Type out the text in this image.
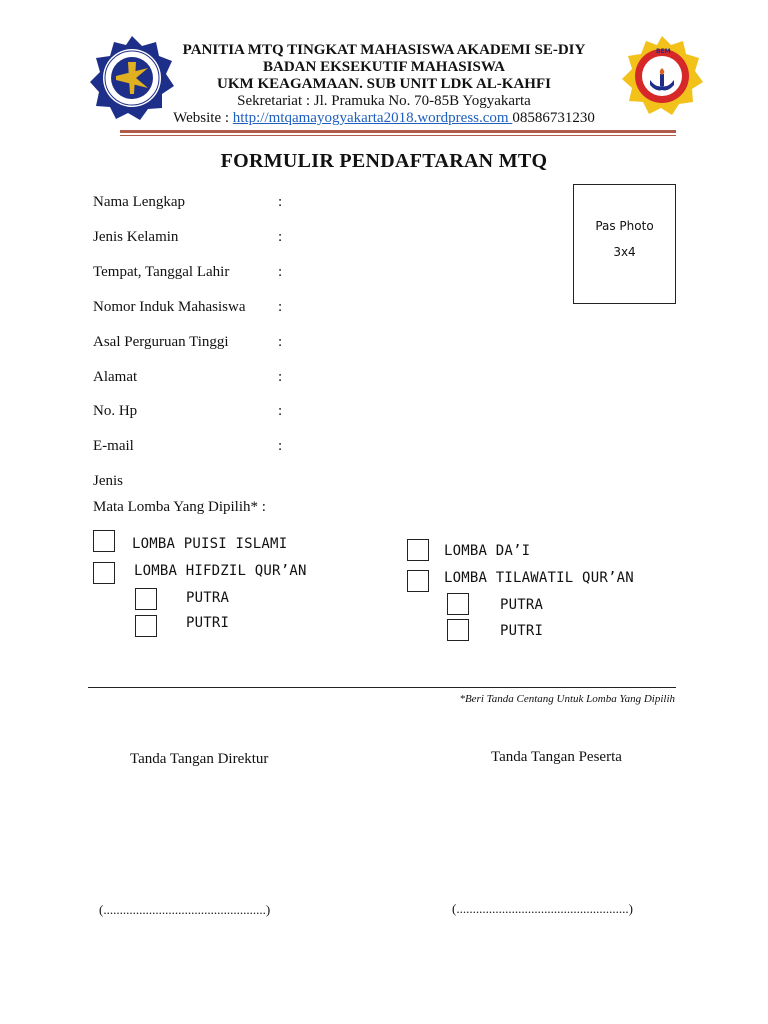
BEM
PANITIA MTQ TINGKAT MAHASISWA AKADEMI SE-DIY
BADAN EKSEKUTIF MAHASISWA
UKM KEAGAMAAN. SUB UNIT LDK AL-KAHFI
Sekretariat : Jl. Pramuka No. 70-85B Yogyakarta
Website : http://mtqamayogyakarta2018.wordpress.com 08586731230
FORMULIR PENDAFTARAN MTQ
Pas Photo
3x4
Nama Lengkap	:
Jenis Kelamin	:
Tempat, Tanggal Lahir	:
Nomor Induk Mahasiswa :
Asal Perguruan Tinggi	:
Alamat	:
No. Hp	:
E-mail	:
Jenis
Mata Lomba Yang Dipilih* :
LOMBA PUISI ISLAMI
LOMBA HIFDZIL QUR’AN
PUTRA
PUTRI
LOMBA DA’I
LOMBA TILAWATIL QUR’AN
PUTRA
PUTRI
*Beri Tanda Centang Untuk Lomba Yang Dipilih
Tanda Tangan Direktur	Tanda Tangan Peserta
(..................................................)	(.....................................................)
